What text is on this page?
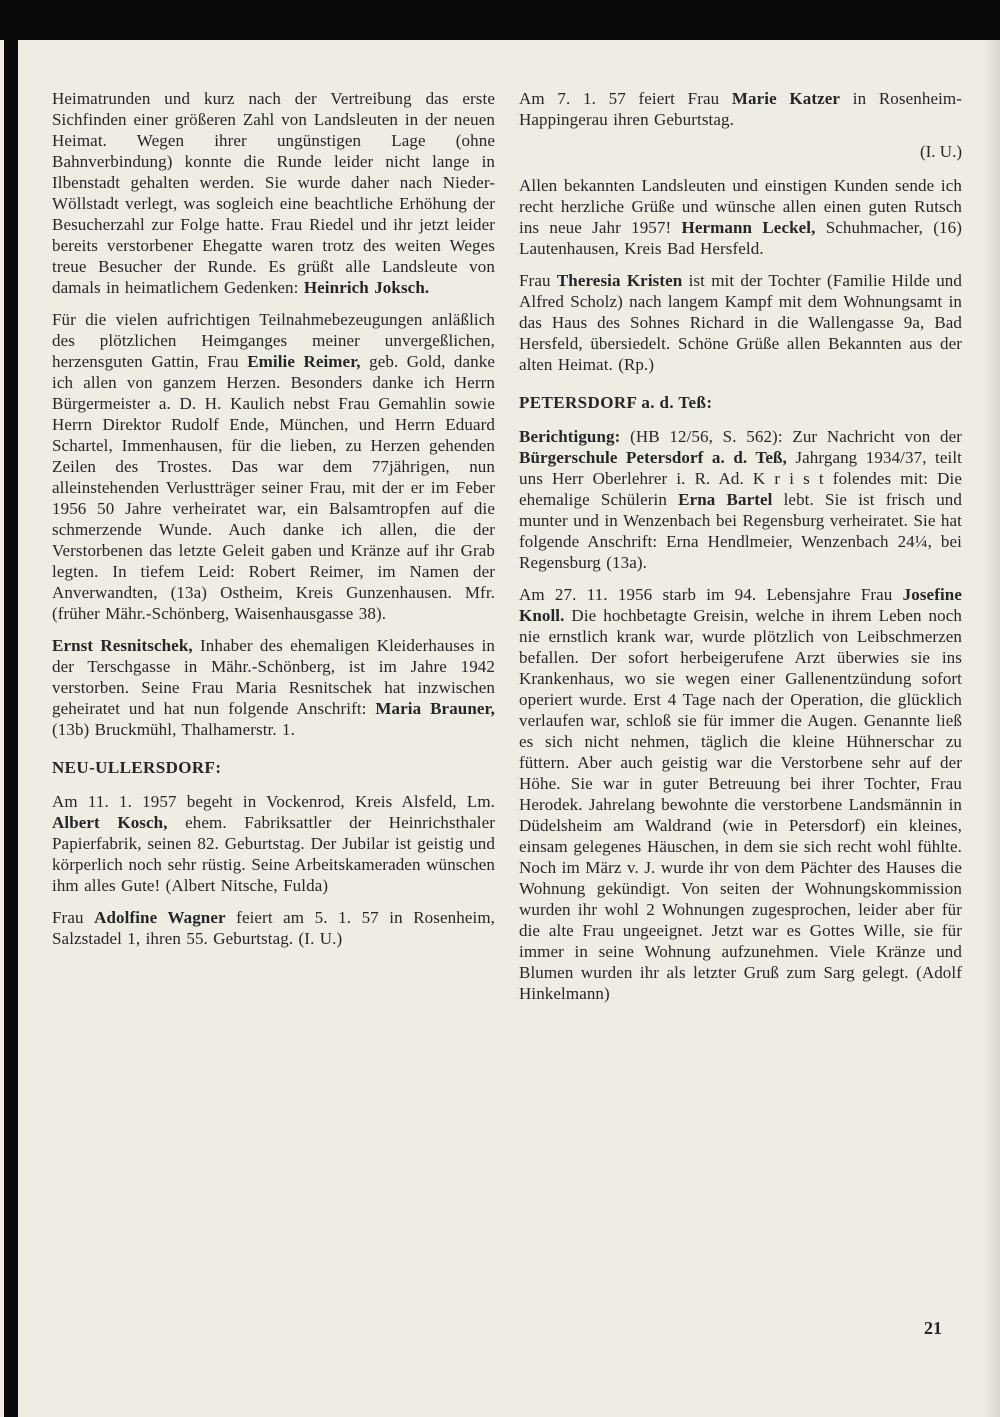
Heimatrunden und kurz nach der Vertreibung das erste Sichfinden einer größeren Zahl von Landsleuten in der neuen Heimat. Wegen ihrer ungünstigen Lage (ohne Bahnverbindung) konnte die Runde leider nicht lange in Ilbenstadt gehalten werden. Sie wurde daher nach Nieder-Wöllstadt verlegt, was sogleich eine beachtliche Erhöhung der Besucherzahl zur Folge hatte. Frau Riedel und ihr jetzt leider bereits verstorbener Ehegatte waren trotz des weiten Weges treue Besucher der Runde. Es grüßt alle Landsleute von damals in heimatlichem Gedenken: Heinrich Joksch.

Für die vielen aufrichtigen Teilnahmebezeugungen anläßlich des plötzlichen Heimganges meiner unvergeßlichen, herzensguten Gattin, Frau Emilie Reimer, geb. Gold, danke ich allen von ganzem Herzen. Besonders danke ich Herrn Bürgermeister a. D. H. Kaulich nebst Frau Gemahlin sowie Herrn Direktor Rudolf Ende, München, und Herrn Eduard Schartel, Immenhausen, für die lieben, zu Herzen gehenden Zeilen des Trostes. Das war dem 77jährigen, nun alleinstehenden Verlustträger seiner Frau, mit der er im Feber 1956 50 Jahre verheiratet war, ein Balsamtropfen auf die schmerzende Wunde. Auch danke ich allen, die der Verstorbenen das letzte Geleit gaben und Kränze auf ihr Grab legten. In tiefem Leid: Robert Reimer, im Namen der Anverwandten, (13a) Ostheim, Kreis Gunzenhausen. Mfr. (früher Mähr.-Schönberg, Waisenhausgasse 38).

Ernst Resnitschek, Inhaber des ehemaligen Kleiderhauses in der Terschgasse in Mähr.-Schönberg, ist im Jahre 1942 verstorben. Seine Frau Maria Resnitschek hat inzwischen geheiratet und hat nun folgende Anschrift: Maria Brauner, (13b) Bruckmühl, Thalhamerstr. 1.

NEU-ULLERSDORF:

Am 11. 1. 1957 begeht in Vockenrod, Kreis Alsfeld, Lm. Albert Kosch, ehem. Fabriksattler der Heinrichsthaler Papierfabrik, seinen 82. Geburtstag. Der Jubilar ist geistig und körperlich noch sehr rüstig. Seine Arbeitskameraden wünschen ihm alles Gute! (Albert Nitsche, Fulda)

Frau Adolfine Wagner feiert am 5. 1. 57 in Rosenheim, Salzstadel 1, ihren 55. Geburtstag. (I. U.)

Am 7. 1. 57 feiert Frau Marie Katzer in Rosenheim-Happingerau ihren Geburtstag.

(I. U.)

Allen bekannten Landsleuten und einstigen Kunden sende ich recht herzliche Grüße und wünsche allen einen guten Rutsch ins neue Jahr 1957! Hermann Leckel, Schuhmacher, (16) Lautenhausen, Kreis Bad Hersfeld.

Frau Theresia Kristen ist mit der Tochter (Familie Hilde und Alfred Scholz) nach langem Kampf mit dem Wohnungsamt in das Haus des Sohnes Richard in die Wallengasse 9a, Bad Hersfeld, übersiedelt. Schöne Grüße allen Bekannten aus der alten Heimat. (Rp.)

PETERSDORF a. d. Teß:

Berichtigung: (HB 12/56, S. 562): Zur Nachricht von der Bürgerschule Petersdorf a. d. Teß, Jahrgang 1934/37, teilt uns Herr Oberlehrer i. R. Ad. K r i s t folendes mit: Die ehemalige Schülerin Erna Bartel lebt. Sie ist frisch und munter und in Wenzenbach bei Regensburg verheiratet. Sie hat folgende Anschrift: Erna Hendlmeier, Wenzenbach 24¼, bei Regensburg (13a).

Am 27. 11. 1956 starb im 94. Lebensjahre Frau Josefine Knoll. Die hochbetagte Greisin, welche in ihrem Leben noch nie ernstlich krank war, wurde plötzlich von Leibschmerzen befallen. Der sofort herbeigerufene Arzt überwies sie ins Krankenhaus, wo sie wegen einer Gallenentzündung sofort operiert wurde. Erst 4 Tage nach der Operation, die glücklich verlaufen war, schloß sie für immer die Augen. Genannte ließ es sich nicht nehmen, täglich die kleine Hühnerschar zu füttern. Aber auch geistig war die Verstorbene sehr auf der Höhe. Sie war in guter Betreuung bei ihrer Tochter, Frau Herodek. Jahrelang bewohnte die verstorbene Landsmännin in Düdelsheim am Waldrand (wie in Petersdorf) ein kleines, einsam gelegenes Häuschen, in dem sie sich recht wohl fühlte. Noch im März v. J. wurde ihr von dem Pächter des Hauses die Wohnung gekündigt. Von seiten der Wohnungskommission wurden ihr wohl 2 Wohnungen zugesprochen, leider aber für die alte Frau ungeeignet. Jetzt war es Gottes Wille, sie für immer in seine Wohnung aufzunehmen. Viele Kränze und Blumen wurden ihr als letzter Gruß zum Sarg gelegt. (Adolf Hinkelmann)

21
